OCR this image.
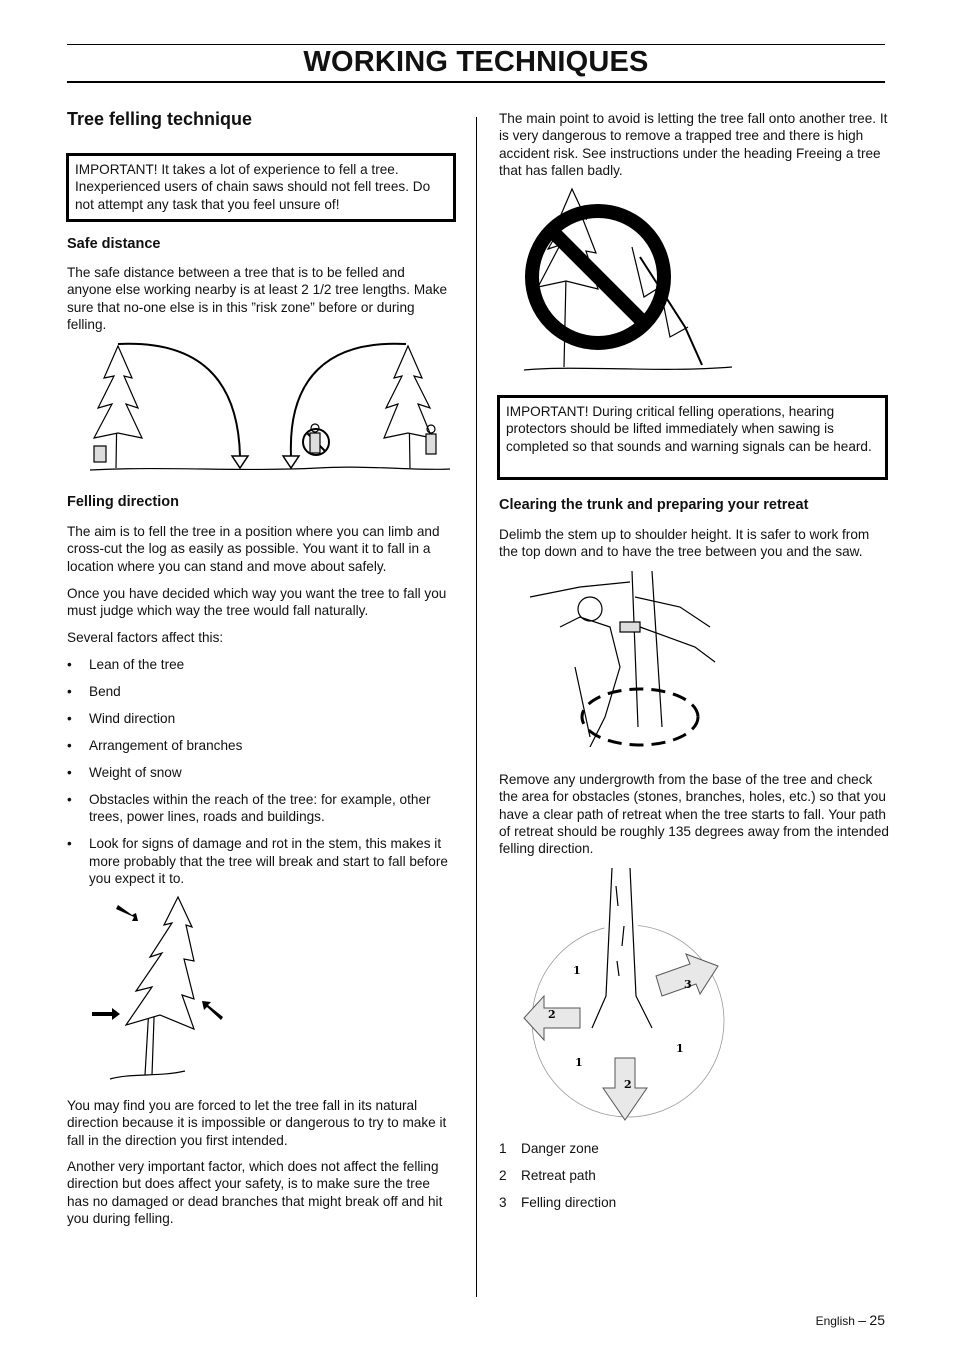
WORKING TECHNIQUES
Tree felling technique
IMPORTANT! It takes a lot of experience to fell a tree. Inexperienced users of chain saws should not fell trees. Do not attempt any task that you feel unsure of!
Safe distance
The safe distance between a tree that is to be felled and anyone else working nearby is at least 2 1/2 tree lengths. Make sure that no-one else is in this ”risk zone” before or during felling.
Felling direction
The aim is to fell the tree in a position where you can limb and cross-cut the log as easily as possible. You want it to fall in a location where you can stand and move about safely.
Once you have decided which way you want the tree to fall you must judge which way the tree would fall naturally.
Several factors affect this:
• Lean of the tree
• Bend
• Wind direction
• Arrangement of branches
• Weight of snow
• Obstacles within the reach of the tree: for example, other trees, power lines, roads and buildings.
• Look for signs of damage and rot in the stem, this makes it more probably that the tree will break and start to fall before you expect it to.
You may find you are forced to let the tree fall in its natural direction because it is impossible or dangerous to try to make it fall in the direction you first intended.
Another very important factor, which does not affect the felling direction but does affect your safety, is to make sure the tree has no damaged or dead branches that might break off and hit you during felling.
The main point to avoid is letting the tree fall onto another tree. It is very dangerous to remove a trapped tree and there is high accident risk. See instructions under the heading Freeing a tree that has fallen badly.
IMPORTANT! During critical felling operations, hearing protectors should be lifted immediately when sawing is completed so that sounds and warning signals can be heard.
Clearing the trunk and preparing your retreat
Delimb the stem up to shoulder height. It is safer to work from the top down and to have the tree between you and the saw.
Remove any undergrowth from the base of the tree and check the area for obstacles (stones, branches, holes, etc.) so that you have a clear path of retreat when the tree starts to fall. Your path of retreat should be roughly 135 degrees away from the intended felling direction.
1
1
1
2
2
3
1 Danger zone
2 Retreat path
3 Felling direction
English – 25
